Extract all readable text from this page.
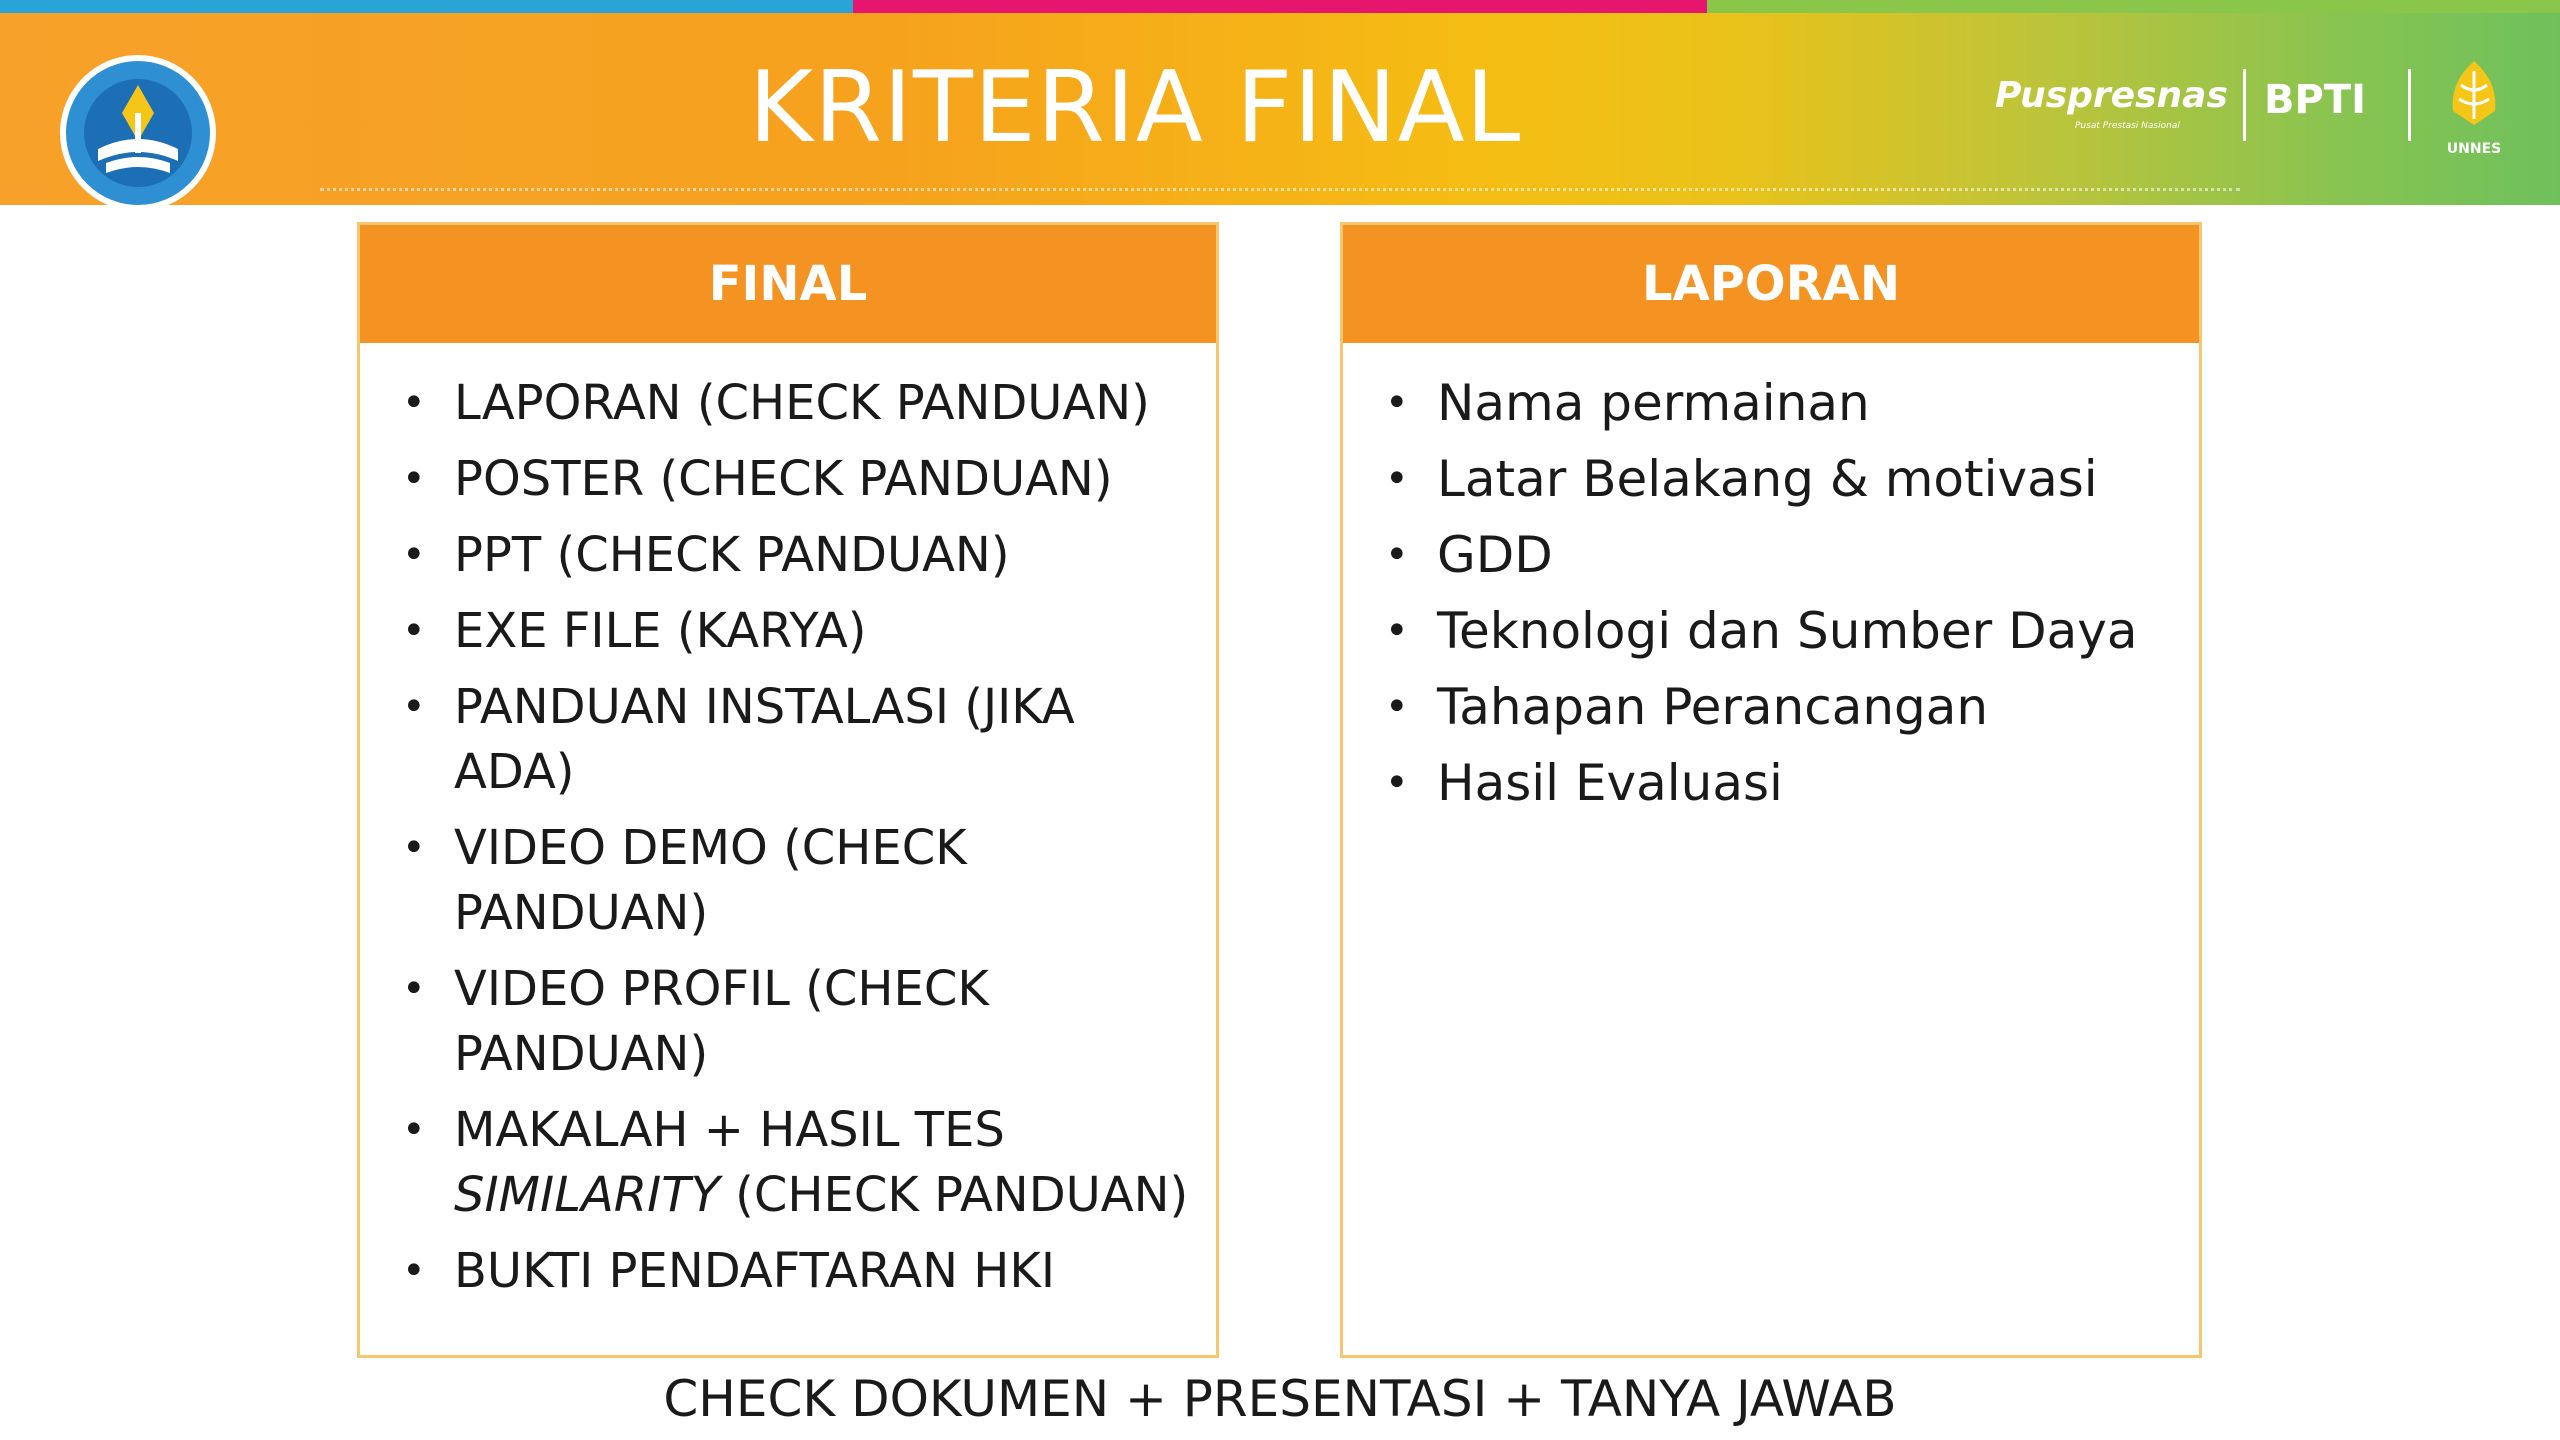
KRITERIA FINAL	Puspresnas
Pusat Prestasi Nasional
BPTI
UNNES
FINAL
• LAPORAN (CHECK PANDUAN)
• POSTER (CHECK PANDUAN)
• PPT (CHECK PANDUAN)
• EXE FILE (KARYA)
• PANDUAN INSTALASI (JIKA ADA)
• VIDEO DEMO (CHECK PANDUAN)
• VIDEO PROFIL (CHECK PANDUAN)
• MAKALAH + HASIL TES SIMILARITY (CHECK PANDUAN)
• BUKTI PENDAFTARAN HKI
LAPORAN
• Nama permainan
• Latar Belakang & motivasi
• GDD
• Teknologi dan Sumber Daya
• Tahapan Perancangan
• Hasil Evaluasi
CHECK DOKUMEN + PRESENTASI + TANYA JAWAB
